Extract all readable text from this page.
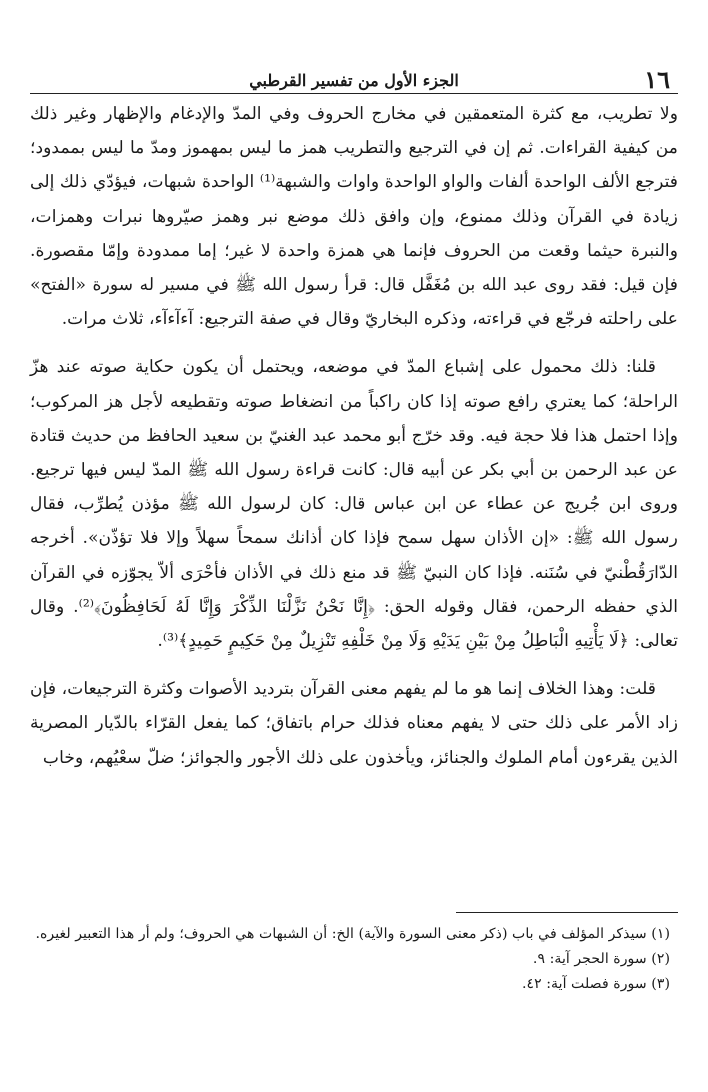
١٦
الجزء الأول من تفسير القرطبي

ولا تطريب، مع كثرة المتعمقين في مخارج الحروف وفي المدّ والإدغام والإظهار وغير ذلك من كيفية القراءات. ثم إن في الترجيع والتطريب همز ما ليس بمهموز ومدّ ما ليس بممدود؛ فترجع الألف الواحدة ألفات والواو الواحدة واوات والشبهة⁽¹⁾ الواحدة شبهات، فيؤدّي ذلك إلى زيادة في القرآن وذلك ممنوع، وإن وافق ذلك موضع نبر وهمز صيّروها نبرات وهمزات، والنبرة حيثما وقعت من الحروف فإنما هي همزة واحدة لا غير؛ إما ممدودة وإمّا مقصورة. فإن قيل: فقد روى عبد الله بن مُغَفَّل قال: قرأ رسول الله ﷺ في مسير له سورة «الفتح» على راحلته فرجّع في قراءته، وذكره البخاريّ وقال في صفة الترجيع: آءآءآء، ثلاث مرات.

قلنا: ذلك محمول على إشباع المدّ في موضعه، ويحتمل أن يكون حكاية صوته عند هزّ الراحلة؛ كما يعتري رافع صوته إذا كان راكباً من انضغاط صوته وتقطيعه لأجل هز المركوب؛ وإذا احتمل هذا فلا حجة فيه. وقد خرّج أبو محمد عبد الغنيّ بن سعيد الحافظ من حديث قتادة عن عبد الرحمن بن أبي بكر عن أبيه قال: كانت قراءة رسول الله ﷺ المدّ ليس فيها ترجيع. وروى ابن جُريج عن عطاء عن ابن عباس قال: كان لرسول الله ﷺ مؤذن يُطرِّب، فقال رسول الله ﷺ: «إن الأذان سهل سمح فإذا كان أذانك سمحاً سهلاً وإلا فلا تؤذّن». أخرجه الدّارَقُطْنيّ في سُنَنه. فإذا كان النبيّ ﷺ قد منع ذلك في الأذان فأحْرَى ألاّ يجوّزه في القرآن الذي حفظه الرحمن، فقال وقوله الحق: ﴿إِنَّا نَحْنُ نَزَّلْنَا الذِّكْرَ وَإِنَّا لَهُ لَحَافِظُونَ﴾⁽²⁾. وقال تعالى: ﴿لَا يَأْتِيهِ الْبَاطِلُ مِنْ بَيْنِ يَدَيْهِ وَلَا مِنْ خَلْفِهِ تَنْزِيلٌ مِنْ حَكِيمٍ حَمِيدٍ﴾⁽³⁾.

قلت: وهذا الخلاف إنما هو ما لم يفهم معنى القرآن بترديد الأصوات وكثرة الترجيعات، فإن زاد الأمر على ذلك حتى لا يفهم معناه فذلك حرام باتفاق؛ كما يفعل القرّاء بالدّيار المصرية الذين يقرءون أمام الملوك والجنائز، ويأخذون على ذلك الأجور والجوائز؛ ضلّ سعْيُهم، وخاب

(١) سيذكر المؤلف في باب (ذكر معنى السورة والآية) الخ: أن الشبهات هي الحروف؛ ولم أر هذا التعبير لغيره.

(٢) سورة الحجر آية: ٩.

(٣) سورة فصلت آية: ٤٢.
